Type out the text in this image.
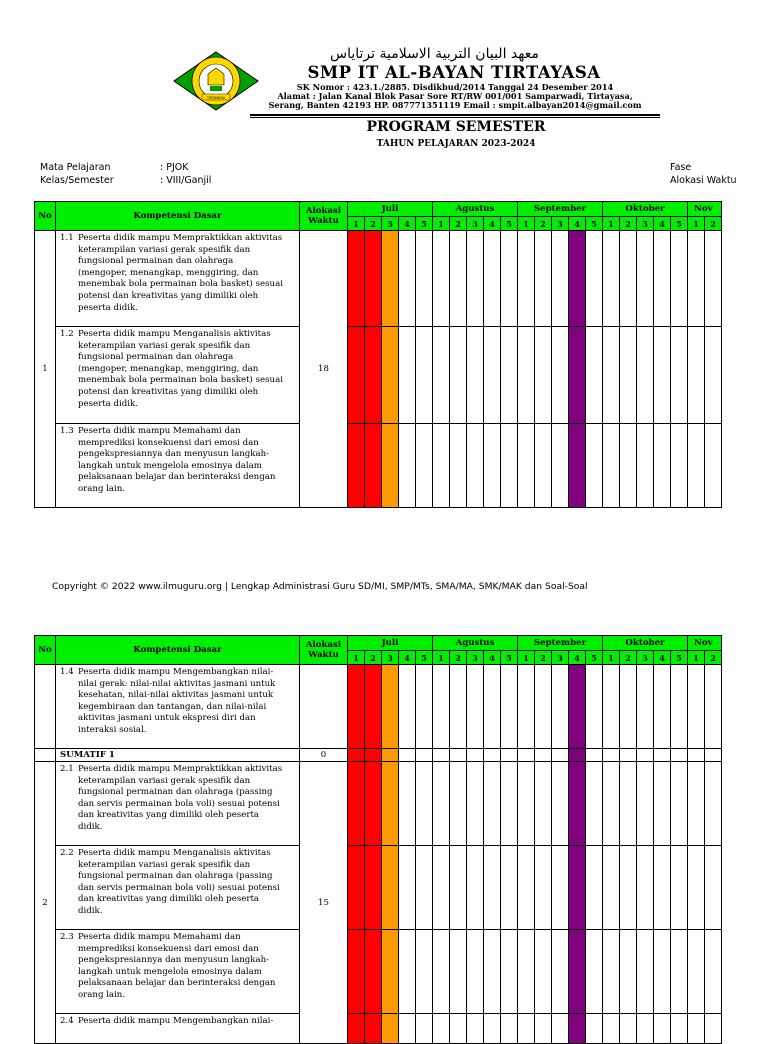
TIRTAYASA
معهد البيان التربية الاسلامية ترتاياس
SMP IT AL-BAYAN TIRTAYASA
SK Nomor : 423.1./2885. Disdikbud/2014 Tanggal 24 Desember 2014
Alamat : Jalan Kanal Blok Pasar Sore RT/RW 001/001 Samparwadi, Tirtayasa,
Serang, Banten 42193 HP. 087771351119 Email : smpit.albayan2014@gmail.com
PROGRAM SEMESTER
TAHUN PELAJARAN 2023-2024
Mata Pelajaran
Kelas/Semester
: PJOK
: VIII/Ganjil
Fase
Alokasi Waktu
No	Kompetensi Dasar	Alokasi Waktu	Juli					Agustus					September					Oktober					Nov	
			1	2	3	4	5	1	2	3	4	5	1	2	3	4	5	1	2	3	4	5	1	2
1	1.1 Peserta didik mampu Mempraktikkan aktivitas keterampilan variasi gerak spesifik dan fungsional permainan dan olahraga (mengoper, menangkap, menggiring, dan menembak bola permainan bola basket) sesuai potensi dan kreativitas yang dimiliki oleh peserta didik.	18																						
	1.2 Peserta didik mampu Menganalisis aktivitas keterampilan variasi gerak spesifik dan fungsional permainan dan olahraga (mengoper, menangkap, menggiring, dan menembak bola permainan bola basket) sesuai potensi dan kreativitas yang dimiliki oleh peserta didik.																							
	1.3 Peserta didik mampu Memahami dan memprediksi konsekuensi dari emosi dan pengekspresiannya dan menyusun langkah-langkah untuk mengelola emosinya dalam pelaksanaan belajar dan berinteraksi dengan orang lain.																							
Copyright © 2022 www.ilmuguru.org | Lengkap Administrasi Guru SD/MI, SMP/MTs, SMA/MA, SMK/MAK dan Soal-Soal
No	Kompetensi Dasar	Alokasi Waktu	Juli					Agustus					September					Oktober					Nov	
			1	2	3	4	5	1	2	3	4	5	1	2	3	4	5	1	2	3	4	5	1	2
	1.4 Peserta didik mampu Mengembangkan nilai-nilai gerak: nilai-nilai aktivitas jasmani untuk kesehatan, nilai-nilai aktivitas jasmani untuk kegembiraan dan tantangan, dan nilai-nilai aktivitas jasmani untuk ekspresi diri dan interaksi sosial.																							
	SUMATIF 1	0																						
2	2.1 Peserta didik mampu Mempraktikkan aktivitas keterampilan variasi gerak spesifik dan fungsional permainan dan olahraga (passing dan servis permainan bola voli) sesuai potensi dan kreativitas yang dimiliki oleh peserta didik.	15																						
	2.2 Peserta didik mampu Menganalisis aktivitas keterampilan variasi gerak spesifik dan fungsional permainan dan olahraga (passing dan servis permainan bola voli) sesuai potensi dan kreativitas yang dimiliki oleh peserta didik.																							
	2.3 Peserta didik mampu Memahami dan memprediksi konsekuensi dari emosi dan pengekspresiannya dan menyusun langkah-langkah untuk mengelola emosinya dalam pelaksanaan belajar dan berinteraksi dengan orang lain.																							
	2.4 Peserta didik mampu Mengembangkan nilai-																							
